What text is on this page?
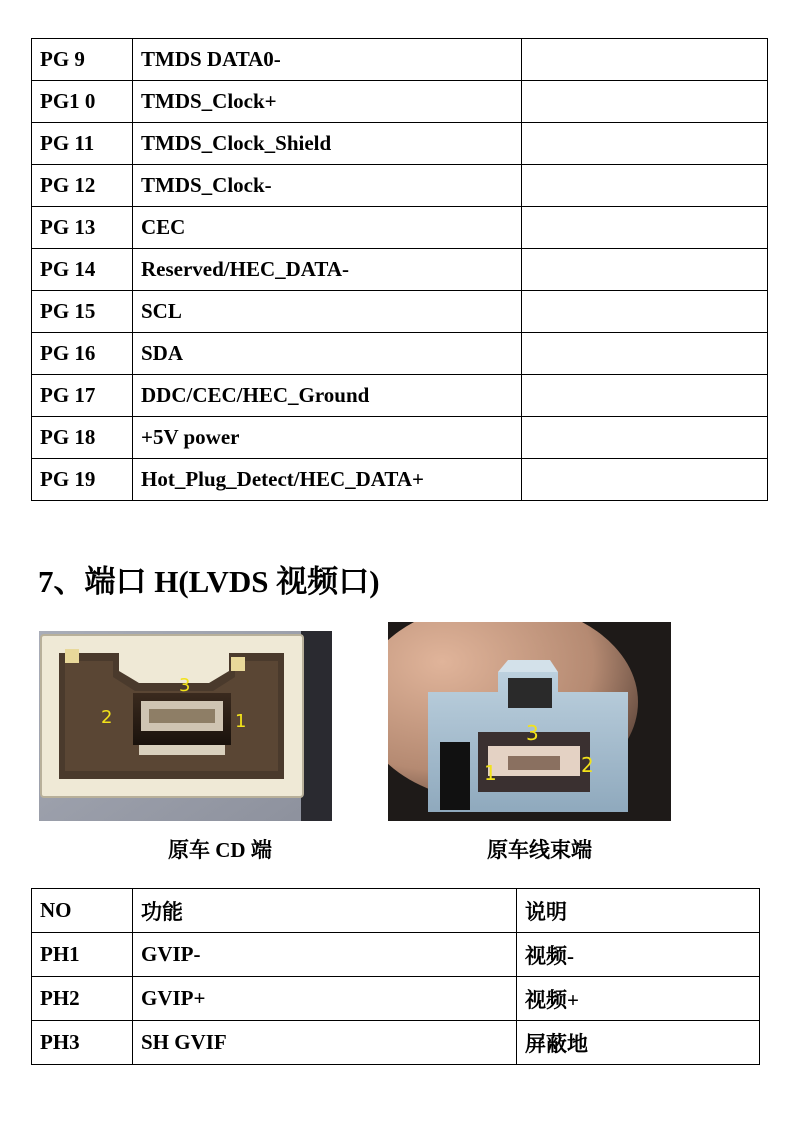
PG 9	TMDS DATA0-	
PG1 0	TMDS_Clock+	
PG 11	TMDS_Clock_Shield	
PG 12	TMDS_Clock-	
PG 13	CEC	
PG 14	Reserved/HEC_DATA-	
PG 15	SCL	
PG 16	SDA	
PG 17	DDC/CEC/HEC_Ground	
PG 18	+5V power	
PG 19	Hot_Plug_Detect/HEC_DATA+	
7、端口 H(LVDS 视频口)
3
2	1	3
1	2
原车 CD 端	原车线束端
NO	功能	说明
PH1	GVIP-	视频-
PH2	GVIP+	视频+
PH3	SH GVIF	屏蔽地
